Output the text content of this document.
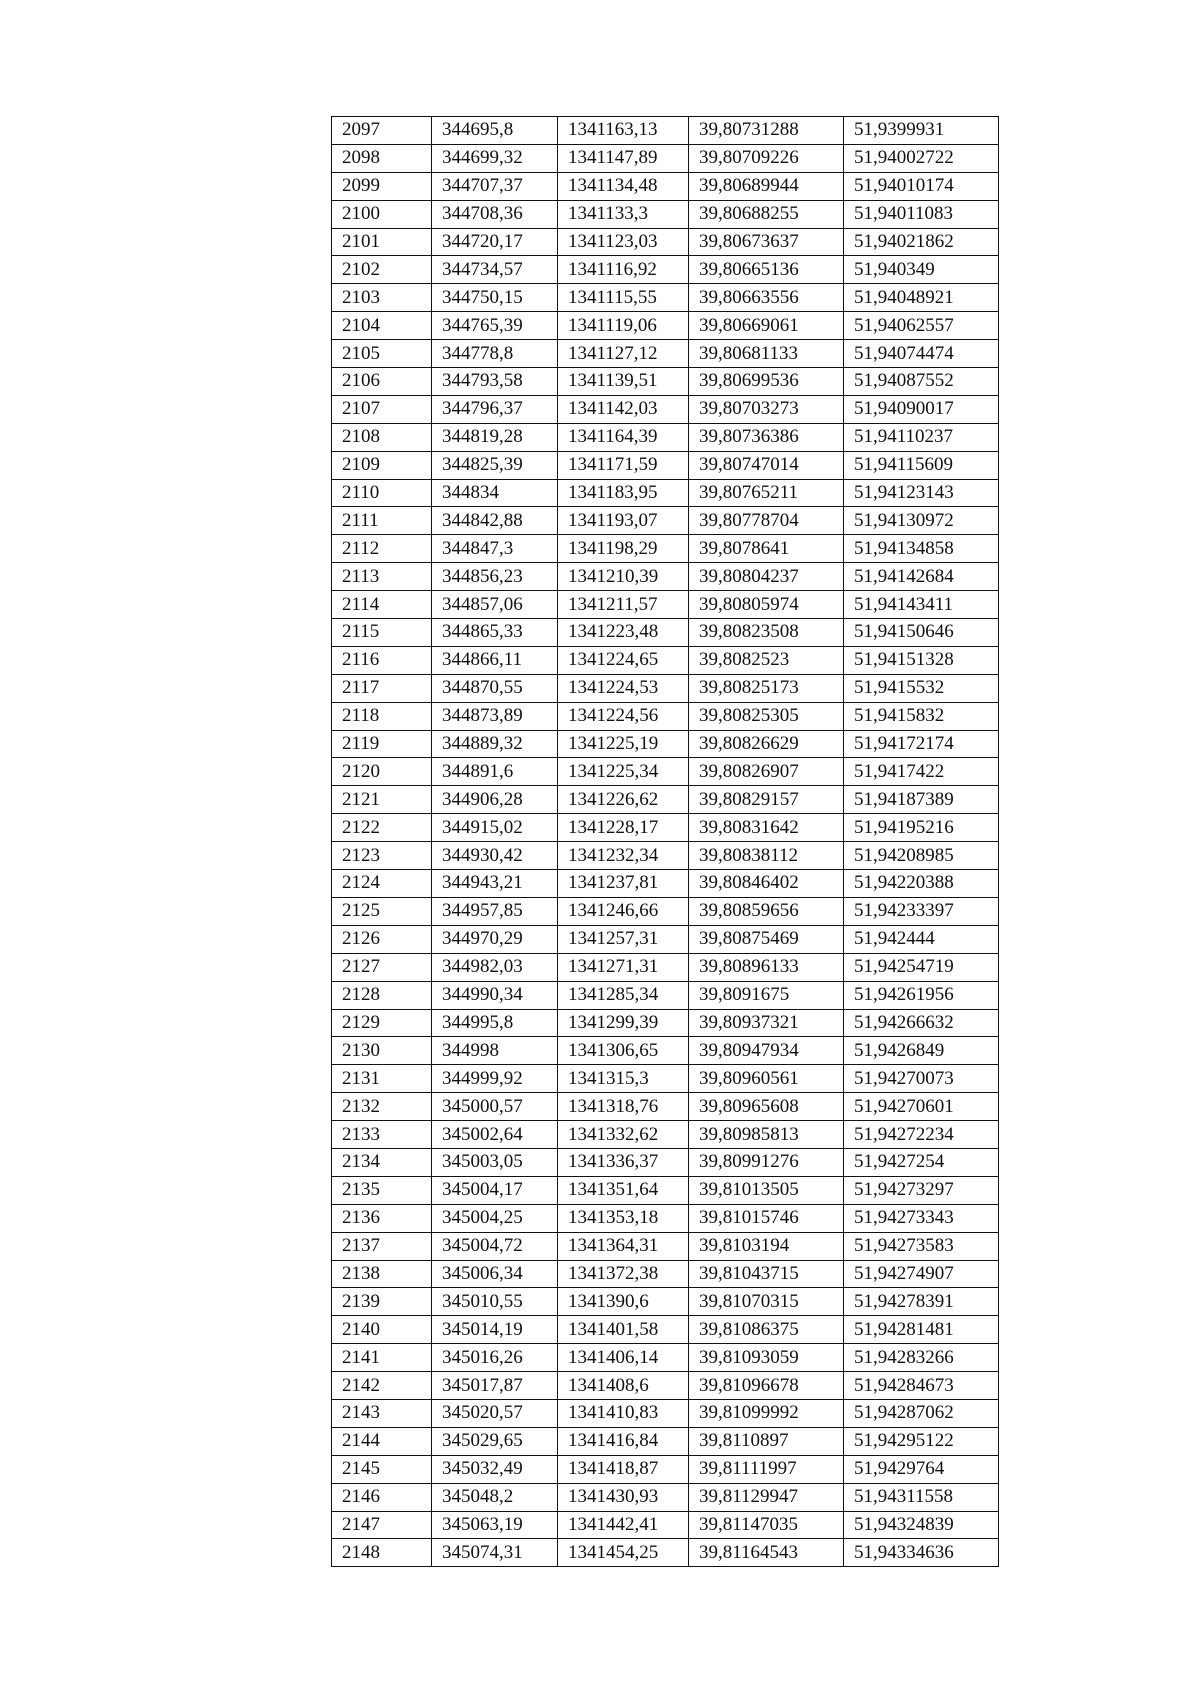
2097	344695,8	1341163,13	39,80731288	51,9399931
2098	344699,32	1341147,89	39,80709226	51,94002722
2099	344707,37	1341134,48	39,80689944	51,94010174
2100	344708,36	1341133,3	39,80688255	51,94011083
2101	344720,17	1341123,03	39,80673637	51,94021862
2102	344734,57	1341116,92	39,80665136	51,940349
2103	344750,15	1341115,55	39,80663556	51,94048921
2104	344765,39	1341119,06	39,80669061	51,94062557
2105	344778,8	1341127,12	39,80681133	51,94074474
2106	344793,58	1341139,51	39,80699536	51,94087552
2107	344796,37	1341142,03	39,80703273	51,94090017
2108	344819,28	1341164,39	39,80736386	51,94110237
2109	344825,39	1341171,59	39,80747014	51,94115609
2110	344834	1341183,95	39,80765211	51,94123143
2111	344842,88	1341193,07	39,80778704	51,94130972
2112	344847,3	1341198,29	39,8078641	51,94134858
2113	344856,23	1341210,39	39,80804237	51,94142684
2114	344857,06	1341211,57	39,80805974	51,94143411
2115	344865,33	1341223,48	39,80823508	51,94150646
2116	344866,11	1341224,65	39,8082523	51,94151328
2117	344870,55	1341224,53	39,80825173	51,9415532
2118	344873,89	1341224,56	39,80825305	51,9415832
2119	344889,32	1341225,19	39,80826629	51,94172174
2120	344891,6	1341225,34	39,80826907	51,9417422
2121	344906,28	1341226,62	39,80829157	51,94187389
2122	344915,02	1341228,17	39,80831642	51,94195216
2123	344930,42	1341232,34	39,80838112	51,94208985
2124	344943,21	1341237,81	39,80846402	51,94220388
2125	344957,85	1341246,66	39,80859656	51,94233397
2126	344970,29	1341257,31	39,80875469	51,942444
2127	344982,03	1341271,31	39,80896133	51,94254719
2128	344990,34	1341285,34	39,8091675	51,94261956
2129	344995,8	1341299,39	39,80937321	51,94266632
2130	344998	1341306,65	39,80947934	51,9426849
2131	344999,92	1341315,3	39,80960561	51,94270073
2132	345000,57	1341318,76	39,80965608	51,94270601
2133	345002,64	1341332,62	39,80985813	51,94272234
2134	345003,05	1341336,37	39,80991276	51,9427254
2135	345004,17	1341351,64	39,81013505	51,94273297
2136	345004,25	1341353,18	39,81015746	51,94273343
2137	345004,72	1341364,31	39,8103194	51,94273583
2138	345006,34	1341372,38	39,81043715	51,94274907
2139	345010,55	1341390,6	39,81070315	51,94278391
2140	345014,19	1341401,58	39,81086375	51,94281481
2141	345016,26	1341406,14	39,81093059	51,94283266
2142	345017,87	1341408,6	39,81096678	51,94284673
2143	345020,57	1341410,83	39,81099992	51,94287062
2144	345029,65	1341416,84	39,8110897	51,94295122
2145	345032,49	1341418,87	39,81111997	51,9429764
2146	345048,2	1341430,93	39,81129947	51,94311558
2147	345063,19	1341442,41	39,81147035	51,94324839
2148	345074,31	1341454,25	39,81164543	51,94334636
